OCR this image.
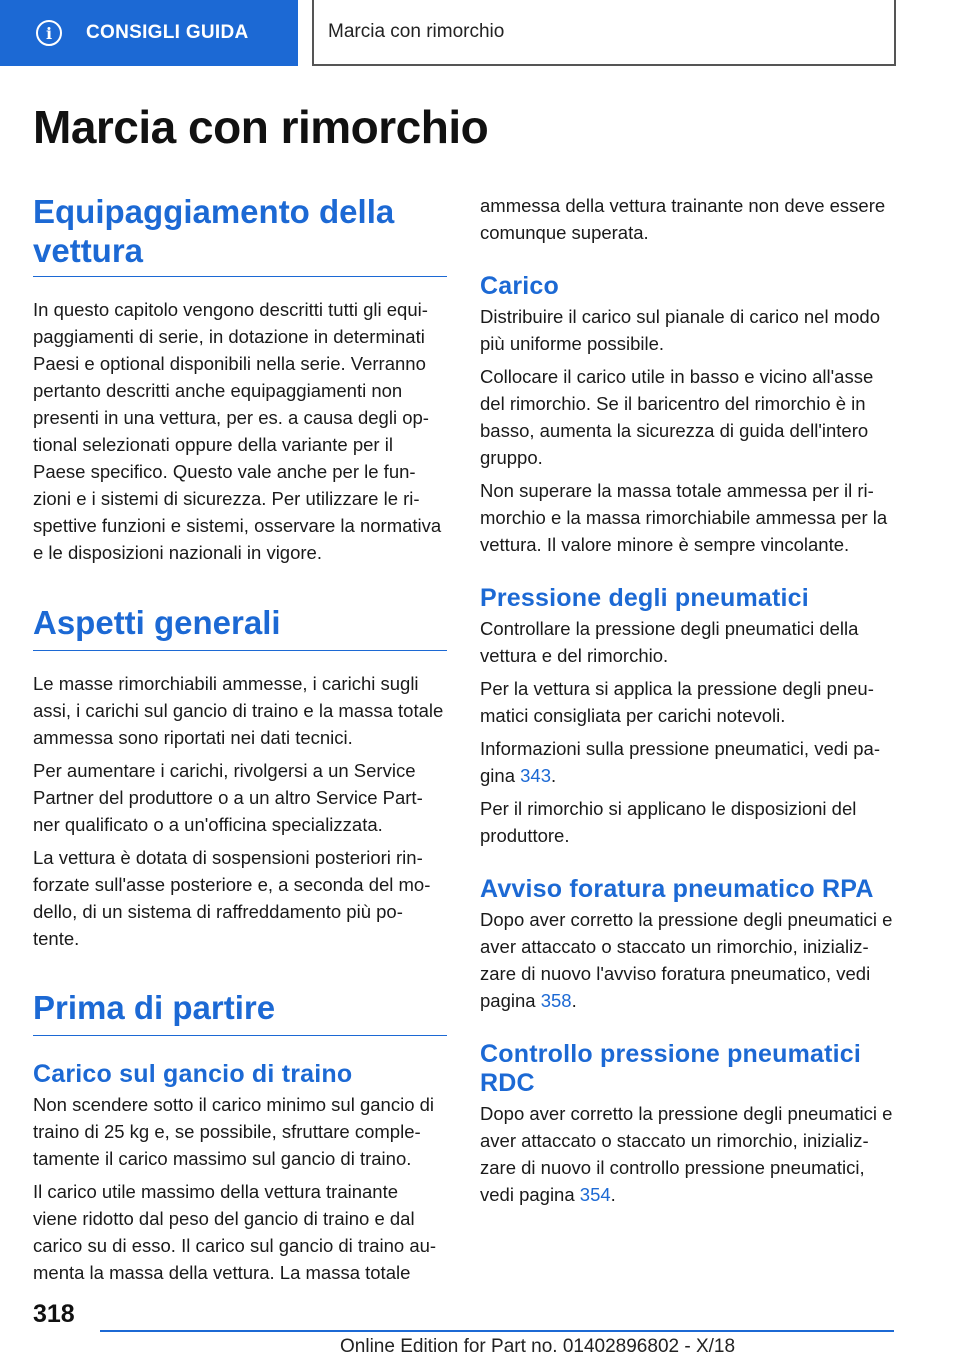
i	CONSIGLI GUIDA	Marcia con rimorchio
Marcia con rimorchio
Equipaggiamento della vettura

In questo capitolo vengono descritti tutti gli equi-paggiamenti di serie, in dotazione in determinati Paesi e optional disponibili nella serie. Verranno pertanto descritti anche equipaggiamenti non presenti in una vettura, per es. a causa degli op-tional selezionati oppure della variante per il Paese specifico. Questo vale anche per le fun-zioni e i sistemi di sicurezza. Per utilizzare le ri-spettive funzioni e sistemi, osservare la normativa e le disposizioni nazionali in vigore.

Aspetti generali

Le masse rimorchiabili ammesse, i carichi sugli assi, i carichi sul gancio di traino e la massa totale ammessa sono riportati nei dati tecnici.

Per aumentare i carichi, rivolgersi a un Service Partner del produttore o a un altro Service Part-ner qualificato o a un'officina specializzata.

La vettura è dotata di sospensioni posteriori rin-forzate sull'asse posteriore e, a seconda del mo-dello, di un sistema di raffreddamento più po-tente.

Prima di partire
Carico sul gancio di traino

Non scendere sotto il carico minimo sul gancio di traino di 25 kg e, se possibile, sfruttare comple-tamente il carico massimo sul gancio di traino.

Il carico utile massimo della vettura trainante viene ridotto dal peso del gancio di traino e dal carico su di esso. Il carico sul gancio di traino au-menta la massa della vettura. La massa totale

ammessa della vettura trainante non deve essere comunque superata.

Carico

Distribuire il carico sul pianale di carico nel modo più uniforme possibile.

Collocare il carico utile in basso e vicino all'asse del rimorchio. Se il baricentro del rimorchio è in basso, aumenta la sicurezza di guida dell'intero gruppo.

Non superare la massa totale ammessa per il ri-morchio e la massa rimorchiabile ammessa per la vettura. Il valore minore è sempre vincolante.

Pressione degli pneumatici

Controllare la pressione degli pneumatici della vettura e del rimorchio.

Per la vettura si applica la pressione degli pneu-matici consigliata per carichi notevoli.

Informazioni sulla pressione pneumatici, vedi pa-gina 343.

Per il rimorchio si applicano le disposizioni del produttore.

Avviso foratura pneumatico RPA

Dopo aver corretto la pressione degli pneumatici e aver attaccato o staccato un rimorchio, inizializ-zare di nuovo l'avviso foratura pneumatico, vedi pagina 358.

Controllo pressione pneumatici RDC

Dopo aver corretto la pressione degli pneumatici e aver attaccato o staccato un rimorchio, inizializ-zare di nuovo il controllo pressione pneumatici, vedi pagina 354.

318
Online Edition for Part no. 01402896802 - X/18
